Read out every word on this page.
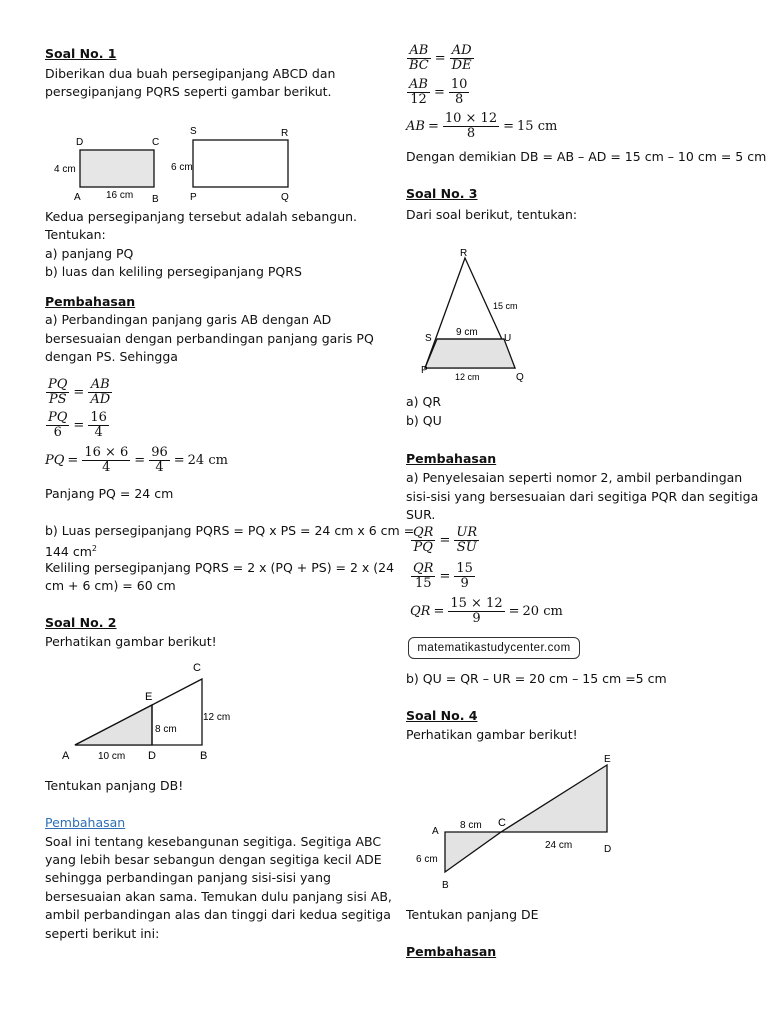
Soal No. 1
Diberikan dua buah persegipanjang ABCD dan
persegipanjang PQRS seperti gambar berikut.
D	C
A	B
4 cm
16 cm
S	R
P	Q
6 cm
Kedua persegipanjang tersebut adalah sebangun.
Tentukan:
a) panjang PQ
b) luas dan keliling persegipanjang PQRS
Pembahasan
a) Perbandingan panjang garis AB dengan AD
bersesuaian dengan perbandingan panjang garis PQ
dengan PS. Sehingga
$\frac{PQ}{PS} = \frac{AB}{AD}$
$\frac{PQ}{6} = \frac{16}{4}$
PQ = $\frac{16 \times 6}{4} = \frac{96}{4} = 24$ cm
Panjang PQ = 24 cm
b) Luas persegipanjang PQRS = PQ x PS = 24 cm x 6 cm =
144 $cm^2$
Keliling persegipanjang PQRS = 2 x (PQ + PS) = 2 x (24
cm + 6 cm) = 60 cm
Soal No. 2
Perhatikan gambar berikut!
C
E
A	D	B
8 cm
12 cm
10 cm
Tentukan panjang DB!
Pembahasan
Soal ini tentang kesebangunan segitiga. Segitiga ABC
yang lebih besar sebangun dengan segitiga kecil ADE
sehingga perbandingan panjang sisi-sisi yang
bersesuaian akan sama. Temukan dulu panjang sisi AB,
ambil perbandingan alas dan tinggi dari kedua segitiga
seperti berikut ini:
$\frac{AB}{BC} = \frac{AD}{DE}$
$\frac{AB}{12} = \frac{10}{8}$
AB = $\frac{10 \times 12}{8} = 15$ cm
Dengan demikian DB = AB – AD = 15 cm – 10 cm = 5 cm
Soal No. 3
Dari soal berikut, tentukan:
R
S	U
P
Q
9 cm
15 cm
12 cm
a) QR
b) QU
Pembahasan
a) Penyelesaian seperti nomor 2, ambil perbandingan
sisi-sisi yang bersesuaian dari segitiga PQR dan segitiga
SUR.
$\frac{QR}{PQ} = \frac{UR}{SU}$
$\frac{QR}{15} = \frac{15}{9}$
QR = $\frac{15 \times 12}{9} = 20$ cm
matematikastudycenter.com
b) QU = QR – UR = 20 cm – 15 cm =5 cm
Soal No. 4
Perhatikan gambar berikut!
E
A
C
D
B
8 cm
24 cm
6 cm
Tentukan panjang DE
Pembahasan
